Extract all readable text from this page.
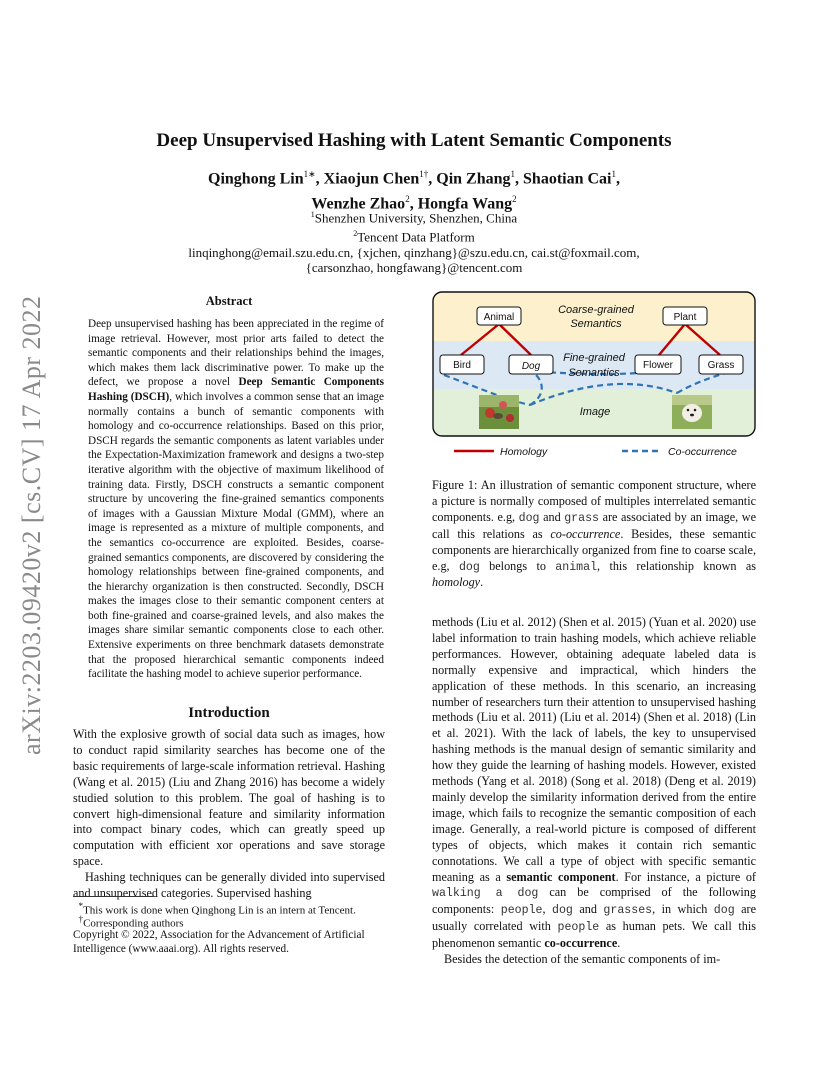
arXiv:2203.09420v2 [cs.CV] 17 Apr 2022
Deep Unsupervised Hashing with Latent Semantic Components
Qinghong Lin$^{1∗}$, Xiaojun Chen$^{1\dagger}$, Qin Zhang$^1$, Shaotian Cai$^1$,
Wenzhe Zhao$^2$, Hongfa Wang$^2$
$^1$Shenzhen University, Shenzhen, China
$^2$Tencent Data Platform
linqinghong@email.szu.edu.cn, {xjchen, qinzhang}@szu.edu.cn, cai.st@foxmail.com,
{carsonzhao, hongfawang}@tencent.com
Abstract
Deep unsupervised hashing has been appreciated in the regime of image retrieval. However, most prior arts failed to detect the semantic components and their relationships behind the images, which makes them lack discriminative power. To make up the defect, we propose a novel Deep Semantic Components Hashing (DSCH), which involves a common sense that an image normally contains a bunch of semantic components with homology and co-occurrence relationships. Based on this prior, DSCH regards the semantic components as latent variables under the Expectation-Maximization framework and designs a two-step iterative algorithm with the objective of maximum likelihood of training data. Firstly, DSCH constructs a semantic component structure by uncovering the fine-grained semantics components of images with a Gaussian Mixture Modal (GMM), where an image is represented as a mixture of multiple components, and the semantics co-occurrence are exploited. Besides, coarse-grained semantics components, are discovered by considering the homology relationships between fine-grained components, and the hierarchy organization is then constructed. Secondly, DSCH makes the images close to their semantic component centers at both fine-grained and coarse-grained levels, and also makes the images share similar semantic components close to each other. Extensive experiments on three benchmark datasets demonstrate that the proposed hierarchical semantic components indeed facilitate the hashing model to achieve superior performance.
Introduction

With the explosive growth of social data such as images, how to conduct rapid similarity searches has become one of the basic requirements of large-scale information retrieval. Hashing (Wang et al. 2015) (Liu and Zhang 2016) has become a widely studied solution to this problem. The goal of hashing is to convert high-dimensional feature and similarity information into compact binary codes, which can greatly speed up computation with efficient xor operations and save storage space.

Hashing techniques can be generally divided into supervised and unsupervised categories. Supervised hashing

*This work is done when Qinghong Lin is an intern at Tencent.
†Corresponding authors
Copyright © 2022, Association for the Advancement of Artificial Intelligence (www.aaai.org). All rights reserved.
Coarse-grained
Semantics
Fine-grained
Semantics
Image
Animal	Plant
Bird	Dog	Flower	Grass
Homology	Co-occurrence
Figure 1: An illustration of semantic component structure, where a picture is normally composed of multiples interrelated semantic components. e.g, dog and grass are associated by an image, we call this relations as co-occurrence. Besides, these semantic components are hierarchically organized from fine to coarse scale, e.g, dog belongs to animal, this relationship known as homology.

methods (Liu et al. 2012) (Shen et al. 2015) (Yuan et al. 2020) use label information to train hashing models, which achieve reliable performances. However, obtaining adequate labeled data is normally expensive and impractical, which hinders the application of these methods. In this scenario, an increasing number of researchers turn their attention to unsupervised hashing methods (Liu et al. 2011) (Liu et al. 2014) (Shen et al. 2018) (Lin et al. 2021). With the lack of labels, the key to unsupervised hashing methods is the manual design of semantic similarity and how they guide the learning of hashing models. However, existed methods (Yang et al. 2018) (Song et al. 2018) (Deng et al. 2019) mainly develop the similarity information derived from the entire image, which fails to recognize the semantic composition of each image. Generally, a real-world picture is composed of different types of objects, which makes it contain rich semantic connotations. We call a type of object with specific semantic meaning as a semantic component. For instance, a picture of walking a dog can be comprised of the following components: people, dog and grasses, in which dog are usually correlated with people as human pets. We call this phenomenon semantic co-occurrence.

Besides the detection of the semantic components of im-
